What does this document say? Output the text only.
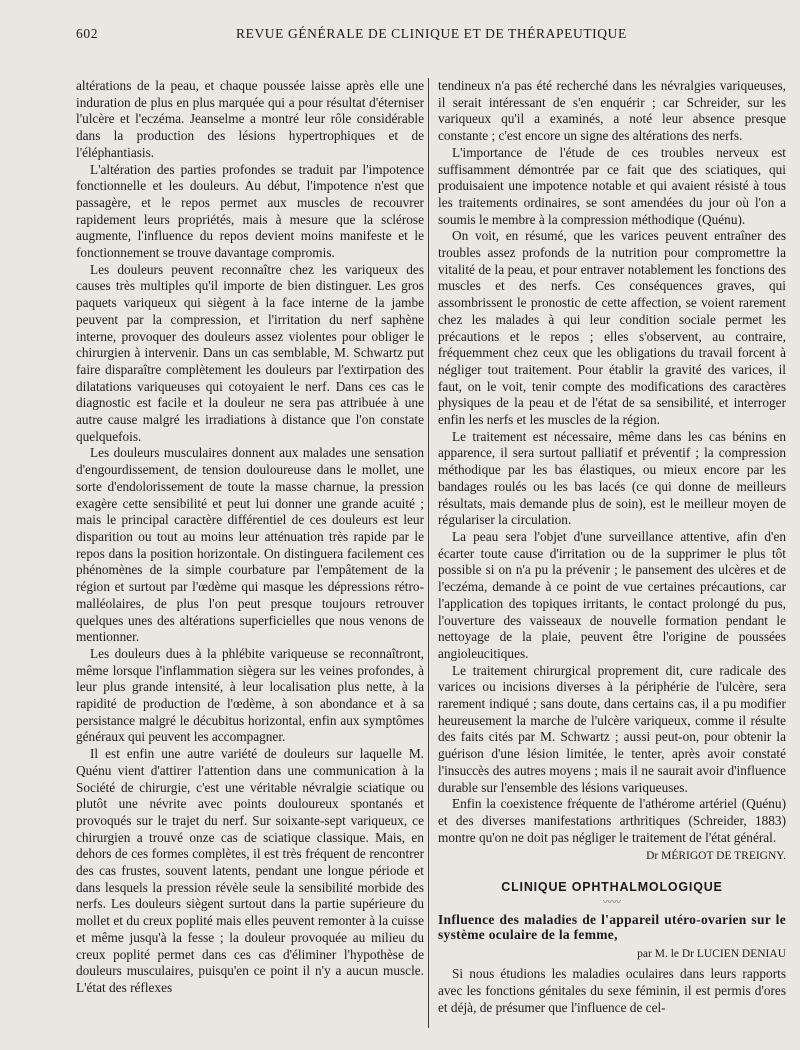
602	REVUE GÉNÉRALE DE CLINIQUE ET DE THÉRAPEUTIQUE

altérations de la peau, et chaque poussée laisse après elle une induration de plus en plus marquée qui a pour résultat d'éterniser l'ulcère et l'eczéma. Jeanselme a montré leur rôle considérable dans la production des lésions hypertrophiques et de l'éléphantiasis.

L'altération des parties profondes se traduit par l'impotence fonctionnelle et les douleurs. Au début, l'impotence n'est que passagère, et le repos permet aux muscles de recouvrer rapidement leurs propriétés, mais à mesure que la sclérose augmente, l'influence du repos devient moins manifeste et le fonctionnement se trouve davantage compromis.

Les douleurs peuvent reconnaître chez les variqueux des causes très multiples qu'il importe de bien distinguer. Les gros paquets variqueux qui siègent à la face interne de la jambe peuvent par la compression, et l'irritation du nerf saphène interne, provoquer des douleurs assez violentes pour obliger le chirurgien à intervenir. Dans un cas semblable, M. Schwartz put faire disparaître complètement les douleurs par l'extirpation des dilatations variqueuses qui cotoyaient le nerf. Dans ces cas le diagnostic est facile et la douleur ne sera pas attribuée à une autre cause malgré les irradiations à distance que l'on constate quelquefois.

Les douleurs musculaires donnent aux malades une sensation d'engourdissement, de tension douloureuse dans le mollet, une sorte d'endolorissement de toute la masse charnue, la pression exagère cette sensibilité et peut lui donner une grande acuité ; mais le principal caractère différentiel de ces douleurs est leur disparition ou tout au moins leur atténuation très rapide par le repos dans la position horizontale. On distinguera facilement ces phénomènes de la simple courbature par l'empâtement de la région et surtout par l'œdème qui masque les dépressions rétro-malléolaires, de plus l'on peut presque toujours retrouver quelques unes des altérations superficielles que nous venons de mentionner.

Les douleurs dues à la phlébite variqueuse se reconnaîtront, même lorsque l'inflammation siègera sur les veines profondes, à leur plus grande intensité, à leur localisation plus nette, à la rapidité de production de l'œdème, à son abondance et à sa persistance malgré le décubitus horizontal, enfin aux symptômes généraux qui peuvent les accompagner.

Il est enfin une autre variété de douleurs sur laquelle M. Quénu vient d'attirer l'attention dans une communication à la Société de chirurgie, c'est une véritable névralgie sciatique ou plutôt une névrite avec points douloureux spontanés et provoqués sur le trajet du nerf. Sur soixante-sept variqueux, ce chirurgien a trouvé onze cas de sciatique classique. Mais, en dehors de ces formes complètes, il est très fréquent de rencontrer des cas frustes, souvent latents, pendant une longue période et dans lesquels la pression révèle seule la sensibilité morbide des nerfs. Les douleurs siègent surtout dans la partie supérieure du mollet et du creux poplité mais elles peuvent remonter à la cuisse et même jusqu'à la fesse ; la douleur provoquée au milieu du creux poplité permet dans ces cas d'éliminer l'hypothèse de douleurs musculaires, puisqu'en ce point il n'y a aucun muscle. L'état des réflexes

tendineux n'a pas été recherché dans les névralgies variqueuses, il serait intéressant de s'en enquérir ; car Schreider, sur les variqueux qu'il a examinés, a noté leur absence presque constante ; c'est encore un signe des altérations des nerfs.

L'importance de l'étude de ces troubles nerveux est suffisamment démontrée par ce fait que des sciatiques, qui produisaient une impotence notable et qui avaient résisté à tous les traitements ordinaires, se sont amendées du jour où l'on a soumis le membre à la compression méthodique (Quénu).

On voit, en résumé, que les varices peuvent entraîner des troubles assez profonds de la nutrition pour compromettre la vitalité de la peau, et pour entraver notablement les fonctions des muscles et des nerfs. Ces conséquences graves, qui assombrissent le pronostic de cette affection, se voient rarement chez les malades à qui leur condition sociale permet les précautions et le repos ; elles s'observent, au contraire, fréquemment chez ceux que les obligations du travail forcent à négliger tout traitement. Pour établir la gravité des varices, il faut, on le voit, tenir compte des modifications des caractères physiques de la peau et de l'état de sa sensibilité, et interroger enfin les nerfs et les muscles de la région.

Le traitement est nécessaire, même dans les cas bénins en apparence, il sera surtout palliatif et préventif ; la compression méthodique par les bas élastiques, ou mieux encore par les bandages roulés ou les bas lacés (ce qui donne de meilleurs résultats, mais demande plus de soin), est le meilleur moyen de régulariser la circulation.

La peau sera l'objet d'une surveillance attentive, afin d'en écarter toute cause d'irritation ou de la supprimer le plus tôt possible si on n'a pu la prévenir ; le pansement des ulcères et de l'eczéma, demande à ce point de vue certaines précautions, car l'application des topiques irritants, le contact prolongé du pus, l'ouverture des vaisseaux de nouvelle formation pendant le nettoyage de la plaie, peuvent être l'origine de poussées angioleucitiques.

Le traitement chirurgical proprement dit, cure radicale des varices ou incisions diverses à la périphérie de l'ulcère, sera rarement indiqué ; sans doute, dans certains cas, il a pu modifier heureusement la marche de l'ulcère variqueux, comme il résulte des faits cités par M. Schwartz ; aussi peut-on, pour obtenir la guérison d'une lésion limitée, le tenter, après avoir constaté l'insuccès des autres moyens ; mais il ne saurait avoir d'influence durable sur l'ensemble des lésions variqueuses.

Enfin la coexistence fréquente de l'athérome artériel (Quénu) et des diverses manifestations arthritiques (Schreider, 1883) montre qu'on ne doit pas négliger le traitement de l'état général.

Dr MÉRIGOT DE TREIGNY.
CLINIQUE OPHTHALMOLOGIQUE
〰〰
Influence des maladies de l'appareil utéro-ovarien sur le système oculaire de la femme,
par M. le Dr LUCIEN DENIAU

Si nous étudions les maladies oculaires dans leurs rapports avec les fonctions génitales du sexe féminin, il est permis d'ores et déjà, de présumer que l'influence de cel-
